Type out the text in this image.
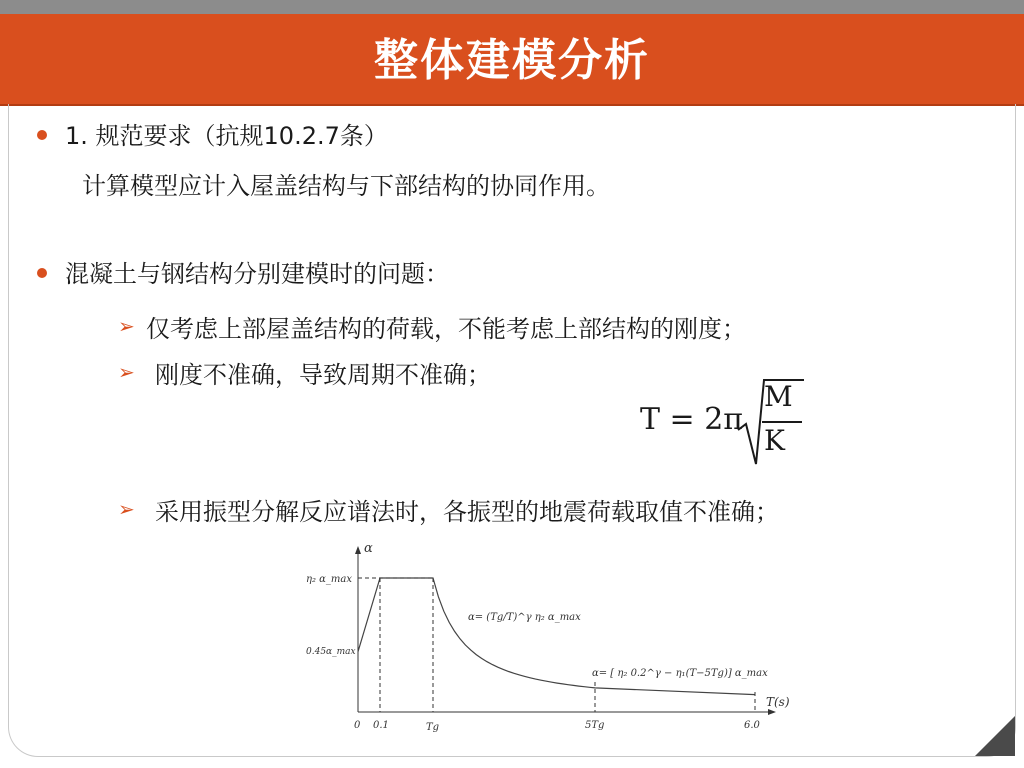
整体建模分析
1. 规范要求（抗规10.2.7条）
计算模型应计入屋盖结构与下部结构的协同作用。
混凝土与钢结构分别建模时的问题：
➢ 仅考虑上部屋盖结构的荷载，不能考虑上部结构的刚度；
➢ 刚度不准确，导致周期不准确；
T = 2π
M
K
➢ 采用振型分解反应谱法时，各振型的地震荷载取值不准确；
α
T(s)
η₂ α_max
0.45α_max
0 0.1	Tg	5Tg	6.0
α= (Tg/T)^γ η₂ α_max
α= [ η₂ 0.2^γ − η₁(T−5Tg)] α_max
